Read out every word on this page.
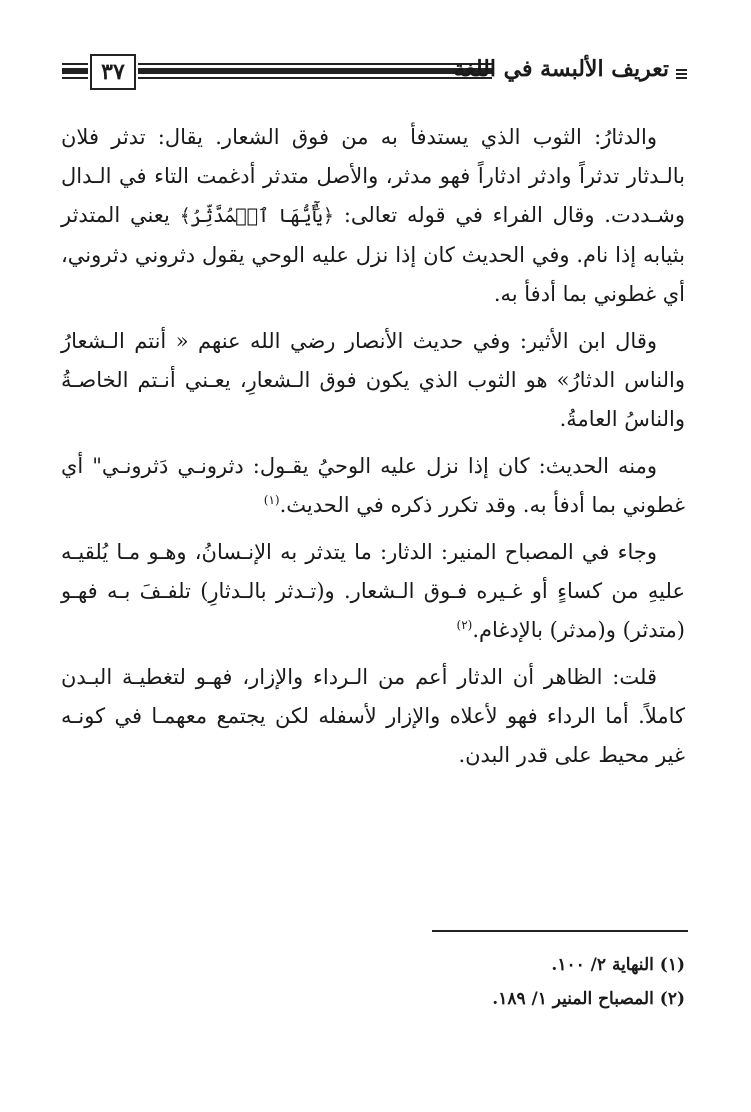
٣٧	تعريف الألبسة في اللغة

والدثارُ: الثوب الذي يستدفأ به من فوق الشعار. يقال: تدثر فلان بالـدثار تدثراً وادثر ادثاراً فهو مدثر، والأصل متدثر أدغمت التاء في الـدال وشـددت. وقال الفراء في قوله تعالى: ﴿يَٰٓأَيُّهَا ٱلۡمُدَّثِّرُ﴾ يعني المتدثر بثيابه إذا نام. وفي الحديث كان إذا نزل عليه الوحي يقول دثروني دثروني، أي غطوني بما أدفأ به.

وقال ابن الأثير: وفي حديث الأنصار رضي الله عنهم « أنتم الـشعارُ والناس الدثارُ» هو الثوب الذي يكون فوق الـشعارِ، يعـني أنـتم الخاصـةُ والناسُ العامةُ.

ومنه الحديث: كان إذا نزل عليه الوحيُ يقـول: دثرونـي دَثرونـي" أي غطوني بما أدفأ به. وقد تكرر ذكره في الحديث.$^{(١)}$

وجاء في المصباح المنير: الدثار: ما يتدثر به الإنـسانُ، وهـو مـا يُلقيـه عليهِ من كساءٍ أو غـيره فـوق الـشعار. و(تـدثر بالـدثارِ) تلفـفَ بـه فهـو (متدثر) و(مدثر) بالإدغام.$^{(٢)}$

قلت: الظاهر أن الدثار أعم من الـرداء والإزار، فهـو لتغطيـة البـدن كاملاً. أما الرداء فهو لأعلاه والإزار لأسفله لكن يجتمع معهمـا في كونـه غير محيط على قدر البدن.

(١) النهاية ٢/ ١٠٠.
(٢) المصباح المنير ١/ ١٨٩.
